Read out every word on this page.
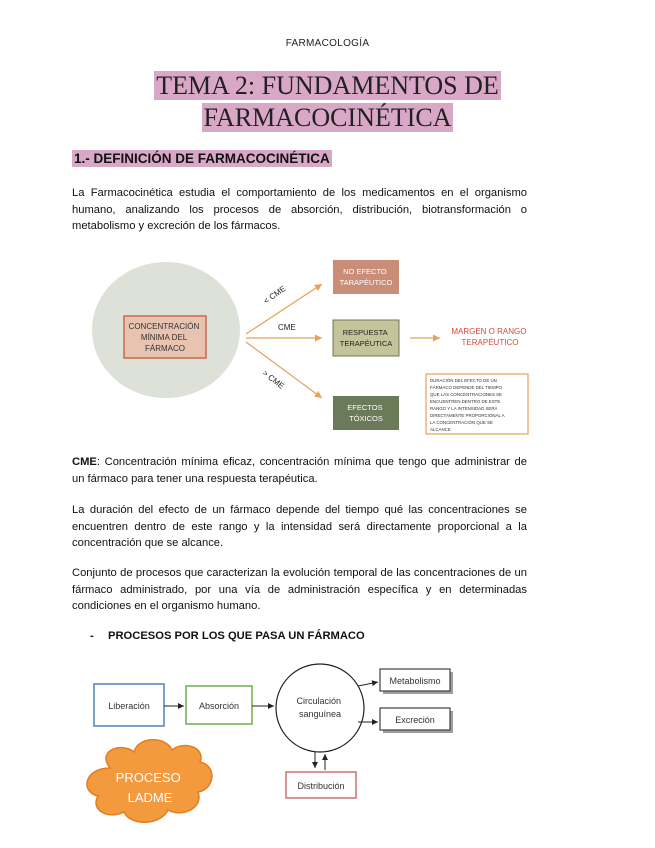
FARMACOLOGÍA
TEMA 2: FUNDAMENTOS DE
FARMACOCINÉTICA
1.- DEFINICIÓN DE FARMACOCINÉTICA

La Farmacocinética estudia el comportamiento de los medicamentos en el organismo humano, analizando los procesos de absorción, distribución, biotransformación o metabolismo y excreción de los fármacos.

CONCENTRACIÓN MÍNIMA DEL FÁRMACO
< CME
CME
> CME
NO EFECTO TARAPÉUTICO
RESPUESTA TERAPÉUTICA
EFECTOS TÓXICOS
MARGEN O RANGO TERAPÉUTICO
DURACIÓN DEL EFECTO DE UN
FÁRMACO DEPENDE DEL TIEMPO
QUE LAS CONCENTRACIONES SE
ENCUENTREN DENTRO DE ESTE
RANGO Y LA INTENSIDAD SERÁ
DIRECTAMENTE PROPORCIONAL A
LA CONCENTRACIÓN QUE SE
ALCANCE

CME: Concentración mínima eficaz, concentración mínima que tengo que administrar de un fármaco para tener una respuesta terapéutica.

La duración del efecto de un fármaco depende del tiempo qué las concentraciones se encuentren dentro de este rango y la intensidad será directamente proporcional a la concentración que se alcance.

Conjunto de procesos que caracterizan la evolución temporal de las concentraciones de un fármaco administrado, por una vía de administración específica y en determinadas condiciones en el organismo humano.

- PROCESOS POR LOS QUE PASA UN FÁRMACO
Liberación	Absorción	Circulación sanguínea
Metabolismo
Excreción
Distribución
PROCESO LADME
